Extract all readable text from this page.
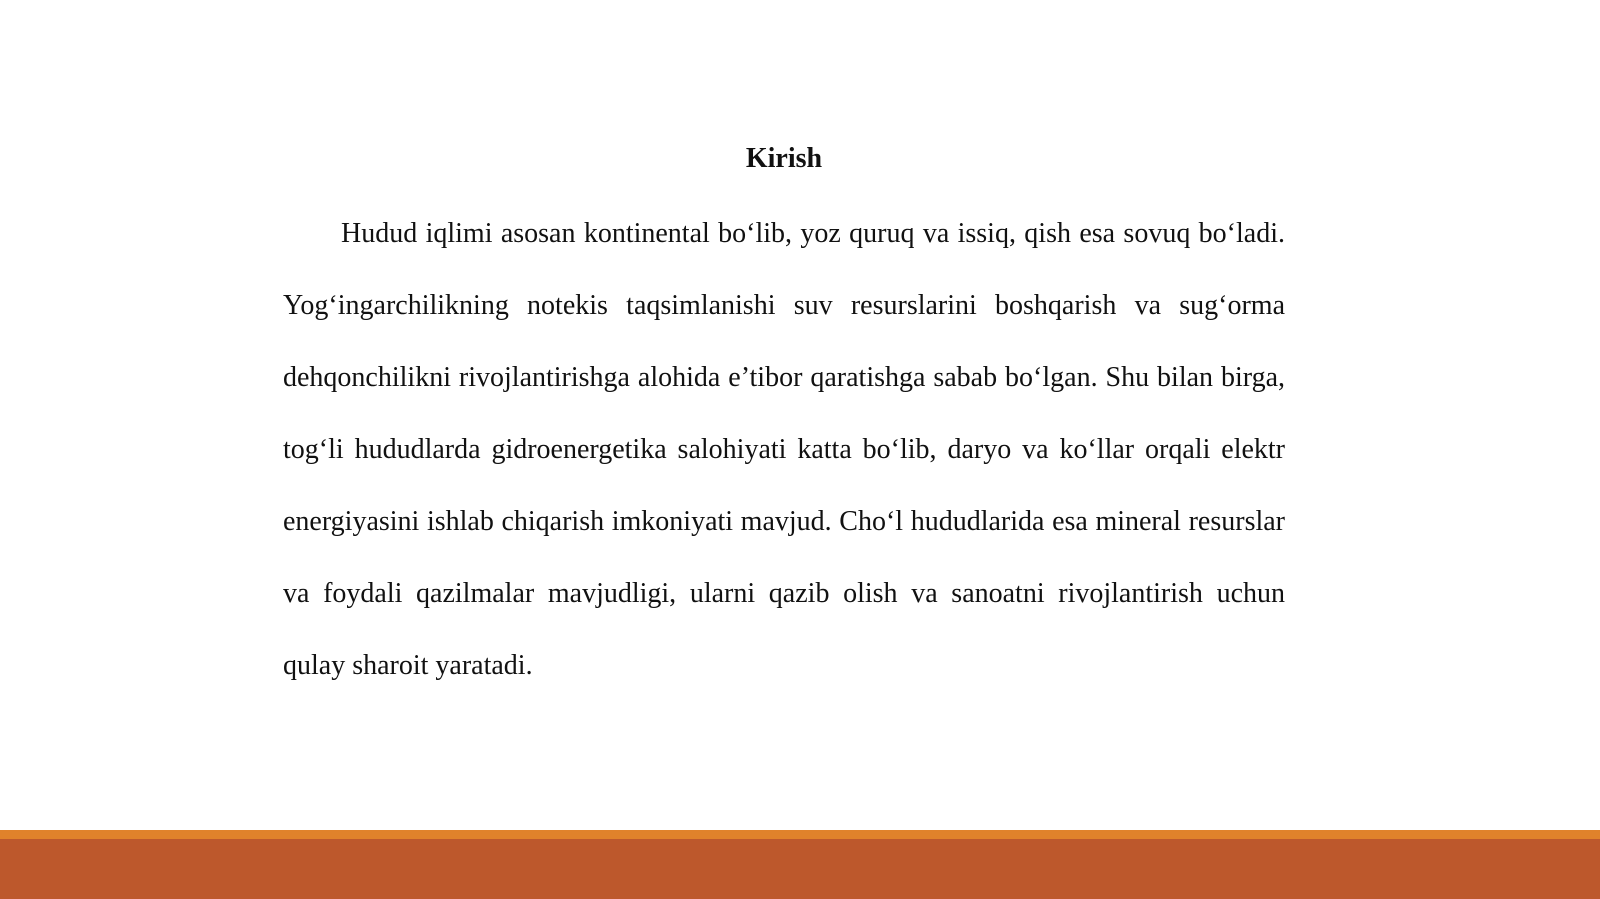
Kirish

Hudud iqlimi asosan kontinental bo‘lib, yoz quruq va issiq, qish esa sovuq bo‘ladi. Yog‘ingarchilikning notekis taqsimlanishi suv resurslarini boshqarish va sug‘orma dehqonchilikni rivojlantirishga alohida e’tibor qaratishga sabab bo‘lgan. Shu bilan birga, tog‘li hududlarda gidroenergetika salohiyati katta bo‘lib, daryo va ko‘llar orqali elektr energiyasini ishlab chiqarish imkoniyati mavjud. Cho‘l hududlarida esa mineral resurslar va foydali qazilmalar mavjudligi, ularni qazib olish va sanoatni rivojlantirish uchun qulay sharoit yaratadi.
